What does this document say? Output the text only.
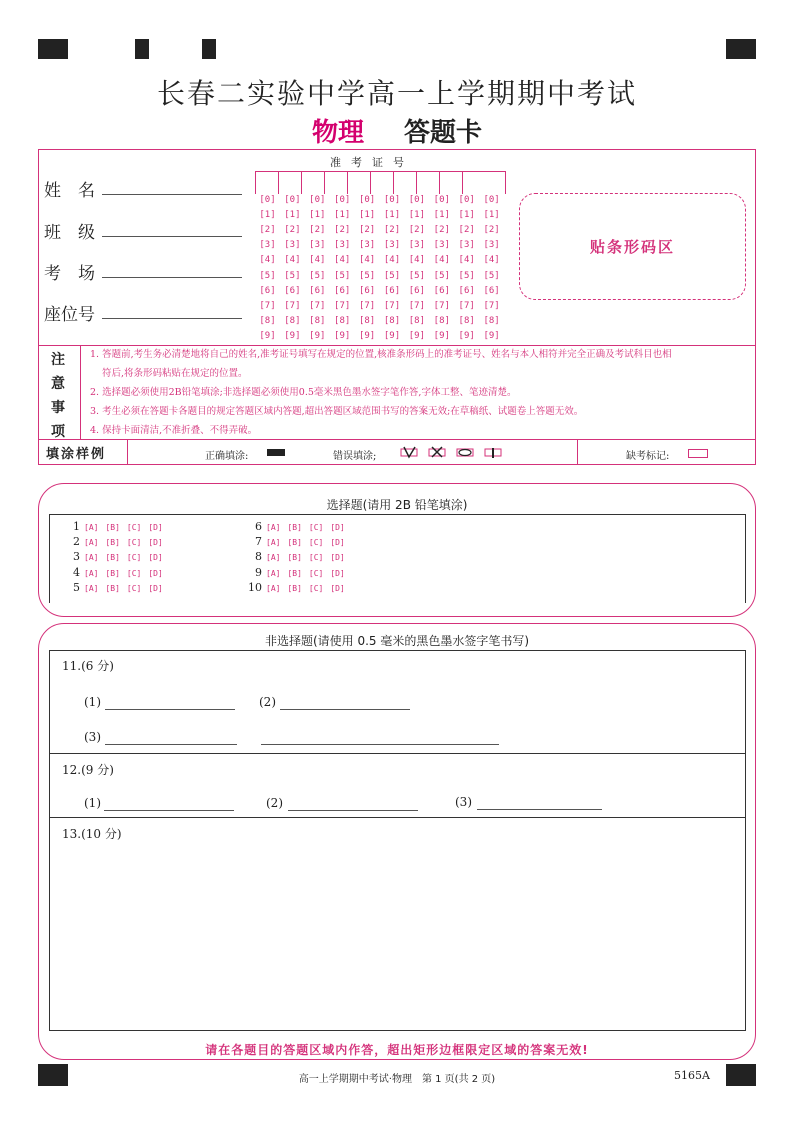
长春二实验中学高一上学期期中考试
物理 答题卡
姓　名
班　级
考　场
座位号
准考证号
[0] [0] [0] [0] [0] [0] [0] [0] [0] [0]
[1] [1] [1] [1] [1] [1] [1] [1] [1] [1]
[2] [2] [2] [2] [2] [2] [2] [2] [2] [2]
[3] [3] [3] [3] [3] [3] [3] [3] [3] [3]
[4] [4] [4] [4] [4] [4] [4] [4] [4] [4]
[5] [5] [5] [5] [5] [5] [5] [5] [5] [5]
[6] [6] [6] [6] [6] [6] [6] [6] [6] [6]
[7] [7] [7] [7] [7] [7] [7] [7] [7] [7]
[8] [8] [8] [8] [8] [8] [8] [8] [8] [8]
[9] [9] [9] [9] [9] [9] [9] [9] [9] [9]
贴条形码区
注
意
事
项
1. 答题前,考生务必清楚地将自己的姓名,准考证号填写在规定的位置,核准条形码上的准考证号、姓名与本人相符并完全正确及考试科目也相
符后,将条形码粘贴在规定的位置。
2. 选择题必须使用2B铅笔填涂;非选择题必须使用0.5毫米黑色墨水签字笔作答,字体工整、笔迹清楚。
3. 考生必须在答题卡各题目的规定答题区域内答题,超出答题区域范围书写的答案无效;在草稿纸、试题卷上答题无效。
4. 保持卡面清洁,不准折叠、不得弄破。
填涂样例	正确填涂:	错误填涂;	缺考标记:
选择题(请用 2B 铅笔填涂)
1 [A] [B] [C] [D]
2 [A] [B] [C] [D]
3 [A] [B] [C] [D]
4 [A] [B] [C] [D]
5 [A] [B] [C] [D]
6 [A] [B] [C] [D]
7 [A] [B] [C] [D]
8 [A] [B] [C] [D]
9 [A] [B] [C] [D]
10 [A] [B] [C] [D]
非选择题(请使用 0.5 毫米的黑色墨水签字笔书写)
11.(6 分)
(1)	(2)
(3)
12.(9 分)
(1)	(2)	(3)
13.(10 分)
请在各题目的答题区域内作答，超出矩形边框限定区域的答案无效!
高一上学期期中考试·物理　第 1 页(共 2 页)	5165A
